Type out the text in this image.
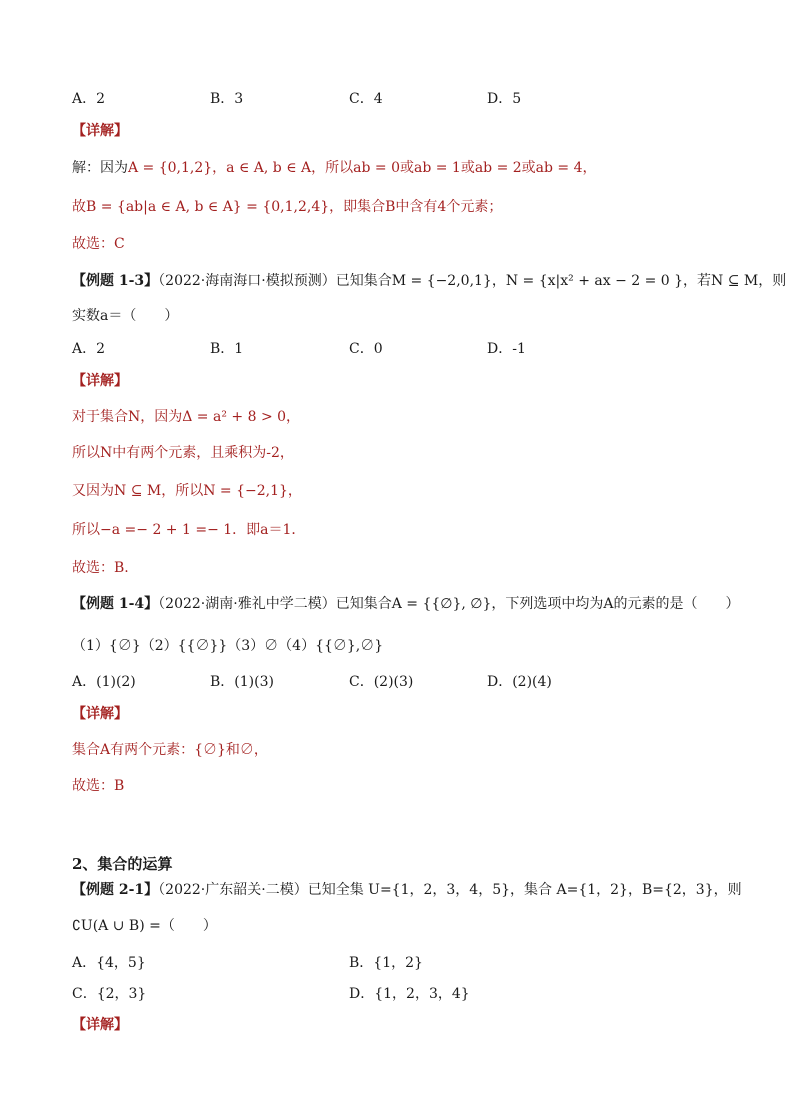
A．2	B．3	C．4	D．5
【详解】
解：因为A = {0,1,2}，a ∈ A, b ∈ A，所以ab = 0或ab = 1或ab = 2或ab = 4，
故B = {ab|a ∈ A, b ∈ A} = {0,1,2,4}，即集合B中含有4个元素；
故选：C
【例题 1-3】（2022·海南海口·模拟预测）已知集合M = {−2,0,1}，N = {x|x² + ax − 2 = 0 }，若N ⊆ M，则
实数a＝（　　）
A．2	B．1	C．0	D．-1
【详解】
对于集合N，因为Δ = a² + 8 > 0，
所以N中有两个元素，且乘积为-2，
又因为N ⊆ M，所以N = {−2,1}，
所以−a =− 2 + 1 =− 1．即a＝1．
故选：B.
【例题 1-4】（2022·湖南·雅礼中学二模）已知集合A = {{∅}, ∅}，下列选项中均为A的元素的是（　　）
（1）{∅}（2）{{∅}}（3）∅（4）{{∅},∅}
A．(1)(2)	B．(1)(3)	C．(2)(3)	D．(2)(4)
【详解】
集合A有两个元素：{∅}和∅，
故选：B
2、集合的运算
【例题 2-1】（2022·广东韶关·二模）已知全集 U={1，2，3，4，5}，集合 A={1，2}，B={2，3}，则
∁U(A ∪ B) =（　　）
A．{4，5}	B．{1，2}
C．{2，3}	D．{1，2，3，4}
【详解】
